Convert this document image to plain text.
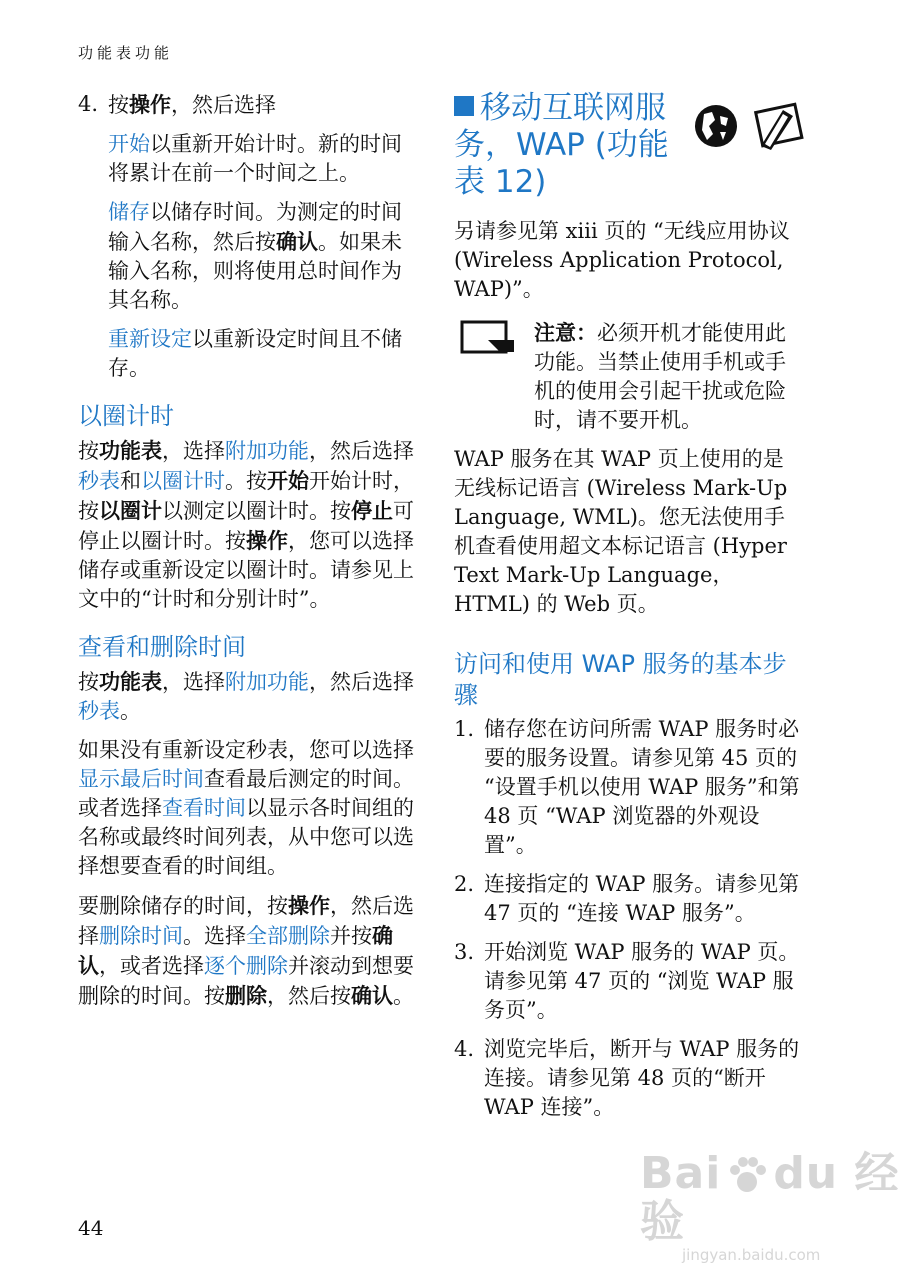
功能表功能
4. 按操作，然后选择

开始以重新开始计时。新的时间将累计在前一个时间之上。

储存以储存时间。为测定的时间输入名称，然后按确认。如果未输入名称，则将使用总时间作为其名称。

重新设定以重新设定时间且不储存。

以圈计时

按功能表，选择附加功能，然后选择秒表和以圈计时。按开始开始计时，按以圈计以测定以圈计时。按停止可停止以圈计时。按操作，您可以选择储存或重新设定以圈计时。请参见上文中的“计时和分别计时”。

查看和删除时间

按功能表，选择附加功能，然后选择秒表。

如果没有重新设定秒表，您可以选择显示最后时间查看最后测定的时间。或者选择查看时间以显示各时间组的名称或最终时间列表，从中您可以选择想要查看的时间组。

要删除储存的时间，按操作，然后选择删除时间。选择全部删除并按确认，或者选择逐个删除并滚动到想要删除的时间。按删除，然后按确认。

移动互联网服务，WAP (功能表 12)

另请参见第 xiii 页的 “无线应用协议 (Wireless Application Protocol, WAP)”。

注意：必须开机才能使用此功能。当禁止使用手机或手机的使用会引起干扰或危险时，请不要开机。

WAP 服务在其 WAP 页上使用的是无线标记语言 (Wireless Mark-Up Language, WML)。您无法使用手机查看使用超文本标记语言 (Hyper Text Mark-Up Language，HTML) 的 Web 页。

访问和使用 WAP 服务的基本步骤
1. 储存您在访问所需 WAP 服务时必要的服务设置。请参见第 45 页的 “设置手机以使用 WAP 服务”和第 48 页 “WAP 浏览器的外观设置”。
2. 连接指定的 WAP 服务。请参见第 47 页的 “连接 WAP 服务”。
3. 开始浏览 WAP 服务的 WAP 页。请参见第 47 页的 “浏览 WAP 服务页”。
4. 浏览完毕后，断开与 WAP 服务的连接。请参见第 48 页的“断开 WAP 连接”。

44
Bai du 经验
jingyan.baidu.com
